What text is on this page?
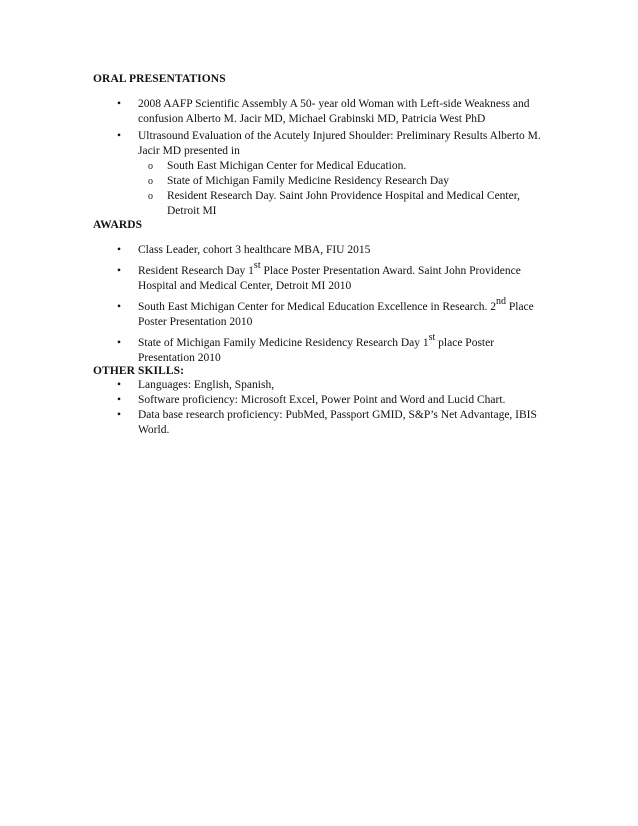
ORAL PRESENTATIONS
•	2008 AAFP Scientific Assembly A 50- year old Woman with Left-side Weakness and confusion Alberto M. Jacir MD, Michael Grabinski MD, Patricia West PhD
•	Ultrasound Evaluation of the Acutely Injured Shoulder: Preliminary Results Alberto M. Jacir MD presented in
o	South East Michigan Center for Medical Education.
o	State of Michigan Family Medicine Residency Research Day
o	Resident Research Day. Saint John Providence Hospital and Medical Center, Detroit MI
AWARDS
•	Class Leader, cohort 3 healthcare MBA, FIU 2015
•	Resident Research Day 1st Place Poster Presentation Award. Saint John Providence Hospital and Medical Center, Detroit MI 2010
•	South East Michigan Center for Medical Education Excellence in Research. 2nd Place Poster Presentation 2010
•	State of Michigan Family Medicine Residency Research Day 1st place Poster Presentation 2010
OTHER SKILLS:
•	Languages: English, Spanish,
•	Software proficiency: Microsoft Excel, Power Point and Word and Lucid Chart.
•	Data base research proficiency: PubMed, Passport GMID, S&P’s Net Advantage, IBIS World.
